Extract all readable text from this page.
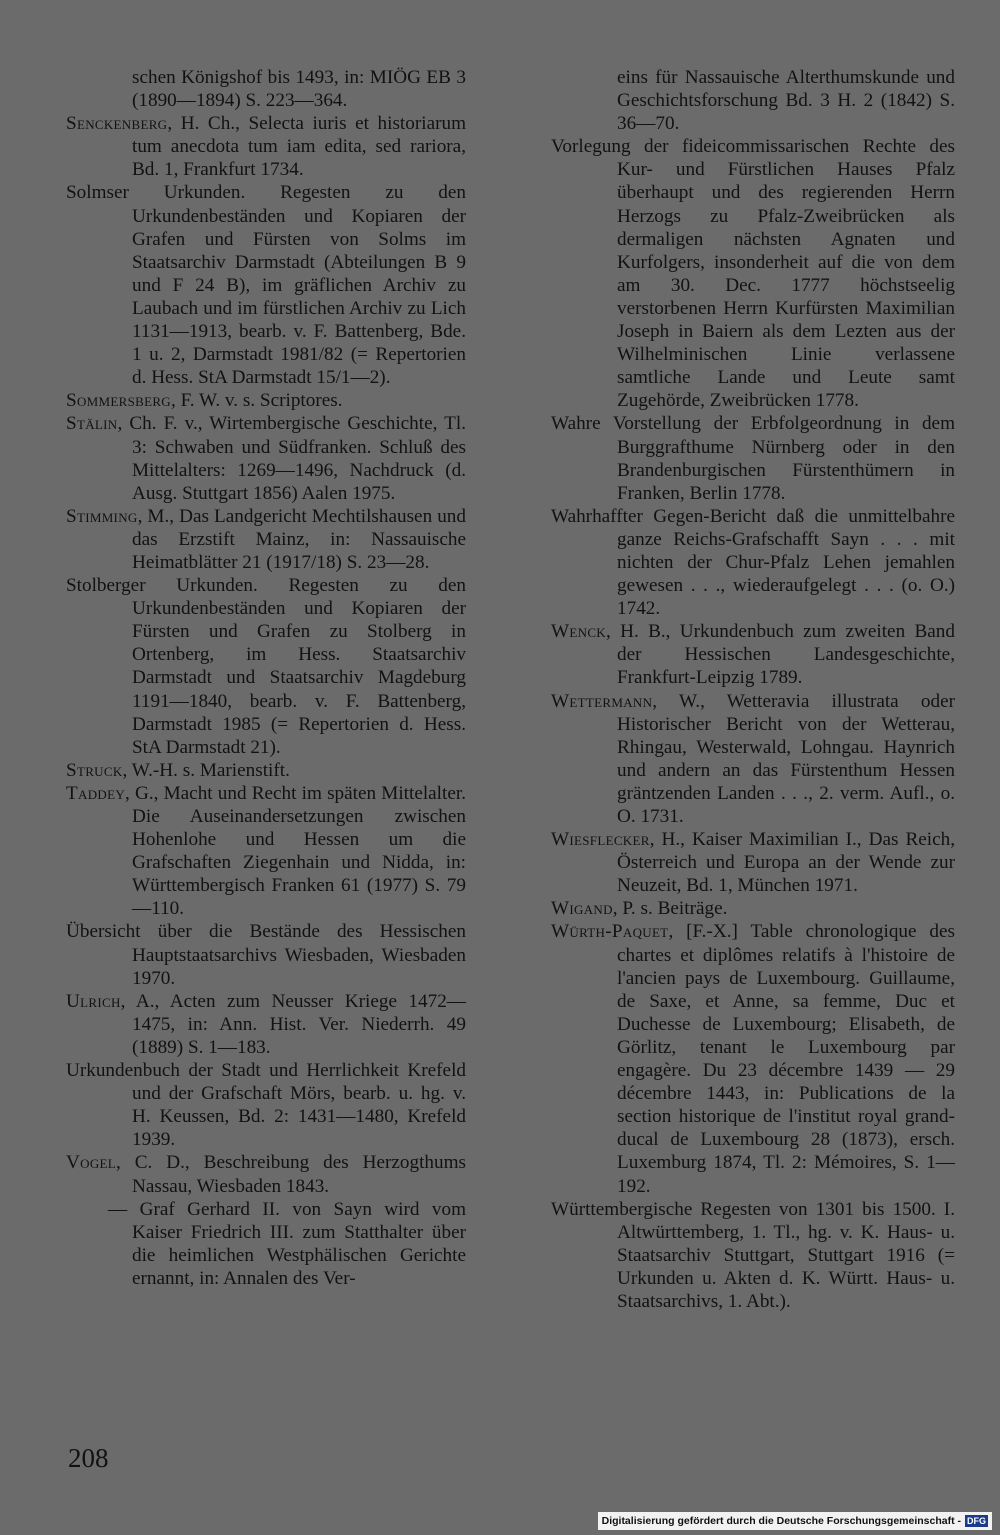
schen Königshof bis 1493, in: MIÖG EB 3 (1890—1894) S. 223—364.
Senckenberg, H. Ch., Selecta iuris et historiarum tum anecdota tum iam edita, sed rariora, Bd. 1, Frankfurt 1734.
Solmser Urkunden. Regesten zu den Urkundenbeständen und Kopiaren der Grafen und Fürsten von Solms im Staatsarchiv Darmstadt (Abteilungen B 9 und F 24 B), im gräflichen Archiv zu Laubach und im fürstlichen Archiv zu Lich 1131—1913, bearb. v. F. Battenberg, Bde. 1 u. 2, Darmstadt 1981/82 (= Repertorien d. Hess. StA Darmstadt 15/1—2).
Sommersberg, F. W. v. s. Scriptores.
Stälin, Ch. F. v., Wirtembergische Geschichte, Tl. 3: Schwaben und Südfranken. Schluß des Mittelalters: 1269—1496, Nachdruck (d. Ausg. Stuttgart 1856) Aalen 1975.
Stimming, M., Das Landgericht Mechtilshausen und das Erzstift Mainz, in: Nassauische Heimatblätter 21 (1917/18) S. 23—28.
Stolberger Urkunden. Regesten zu den Urkundenbeständen und Kopiaren der Fürsten und Grafen zu Stolberg in Ortenberg, im Hess. Staatsarchiv Darmstadt und Staatsarchiv Magdeburg 1191—1840, bearb. v. F. Battenberg, Darmstadt 1985 (= Repertorien d. Hess. StA Darmstadt 21).
Struck, W.-H. s. Marienstift.
Taddey, G., Macht und Recht im späten Mittelalter. Die Auseinandersetzungen zwischen Hohenlohe und Hessen um die Grafschaften Ziegenhain und Nidda, in: Württembergisch Franken 61 (1977) S. 79—110.
Übersicht über die Bestände des Hessischen Hauptstaatsarchivs Wiesbaden, Wiesbaden 1970.
Ulrich, A., Acten zum Neusser Kriege 1472—1475, in: Ann. Hist. Ver. Niederrh. 49 (1889) S. 1—183.
Urkundenbuch der Stadt und Herrlichkeit Krefeld und der Grafschaft Mörs, bearb. u. hg. v. H. Keussen, Bd. 2: 1431—1480, Krefeld 1939.
Vogel, C. D., Beschreibung des Herzogthums Nassau, Wiesbaden 1843.
— Graf Gerhard II. von Sayn wird vom Kaiser Friedrich III. zum Statthalter über die heimlichen Westphälischen Gerichte ernannt, in: Annalen des Ver-
eins für Nassauische Alterthumskunde und Geschichtsforschung Bd. 3 H. 2 (1842) S. 36—70.
Vorlegung der fideicommissarischen Rechte des Kur- und Fürstlichen Hauses Pfalz überhaupt und des regierenden Herrn Herzogs zu Pfalz-Zweibrücken als dermaligen nächsten Agnaten und Kurfolgers, insonderheit auf die von dem am 30. Dec. 1777 höchstseelig verstorbenen Herrn Kurfürsten Maximilian Joseph in Baiern als dem Lezten aus der Wilhelminischen Linie verlassene samtliche Lande und Leute samt Zugehörde, Zweibrücken 1778.
Wahre Vorstellung der Erbfolgeordnung in dem Burggrafthume Nürnberg oder in den Brandenburgischen Fürstenthümern in Franken, Berlin 1778.
Wahrhaffter Gegen-Bericht daß die unmittelbahre ganze Reichs-Grafschafft Sayn . . . mit nichten der Chur-Pfalz Lehen jemahlen gewesen . . ., wiederaufgelegt . . . (o. O.) 1742.
Wenck, H. B., Urkundenbuch zum zweiten Band der Hessischen Landesgeschichte, Frankfurt-Leipzig 1789.
Wettermann, W., Wetteravia illustrata oder Historischer Bericht von der Wetterau, Rhingau, Westerwald, Lohngau. Haynrich und andern an das Fürstenthum Hessen gräntzenden Landen . . ., 2. verm. Aufl., o. O. 1731.
Wiesflecker, H., Kaiser Maximilian I., Das Reich, Österreich und Europa an der Wende zur Neuzeit, Bd. 1, München 1971.
Wigand, P. s. Beiträge.
Würth-Paquet, [F.-X.] Table chronologique des chartes et diplômes relatifs à l'histoire de l'ancien pays de Luxembourg. Guillaume, de Saxe, et Anne, sa femme, Duc et Duchesse de Luxembourg; Elisabeth, de Görlitz, tenant le Luxembourg par engagère. Du 23 décembre 1439 — 29 décembre 1443, in: Publications de la section historique de l'institut royal grand-ducal de Luxembourg 28 (1873), ersch. Luxemburg 1874, Tl. 2: Mémoires, S. 1—192.
Württembergische Regesten von 1301 bis 1500. I. Altwürttemberg, 1. Tl., hg. v. K. Haus- u. Staatsarchiv Stuttgart, Stuttgart 1916 (= Urkunden u. Akten d. K. Württ. Haus- u. Staatsarchivs, 1. Abt.).
208
Digitalisierung gefördert durch die Deutsche Forschungsgemeinschaft - DFG
